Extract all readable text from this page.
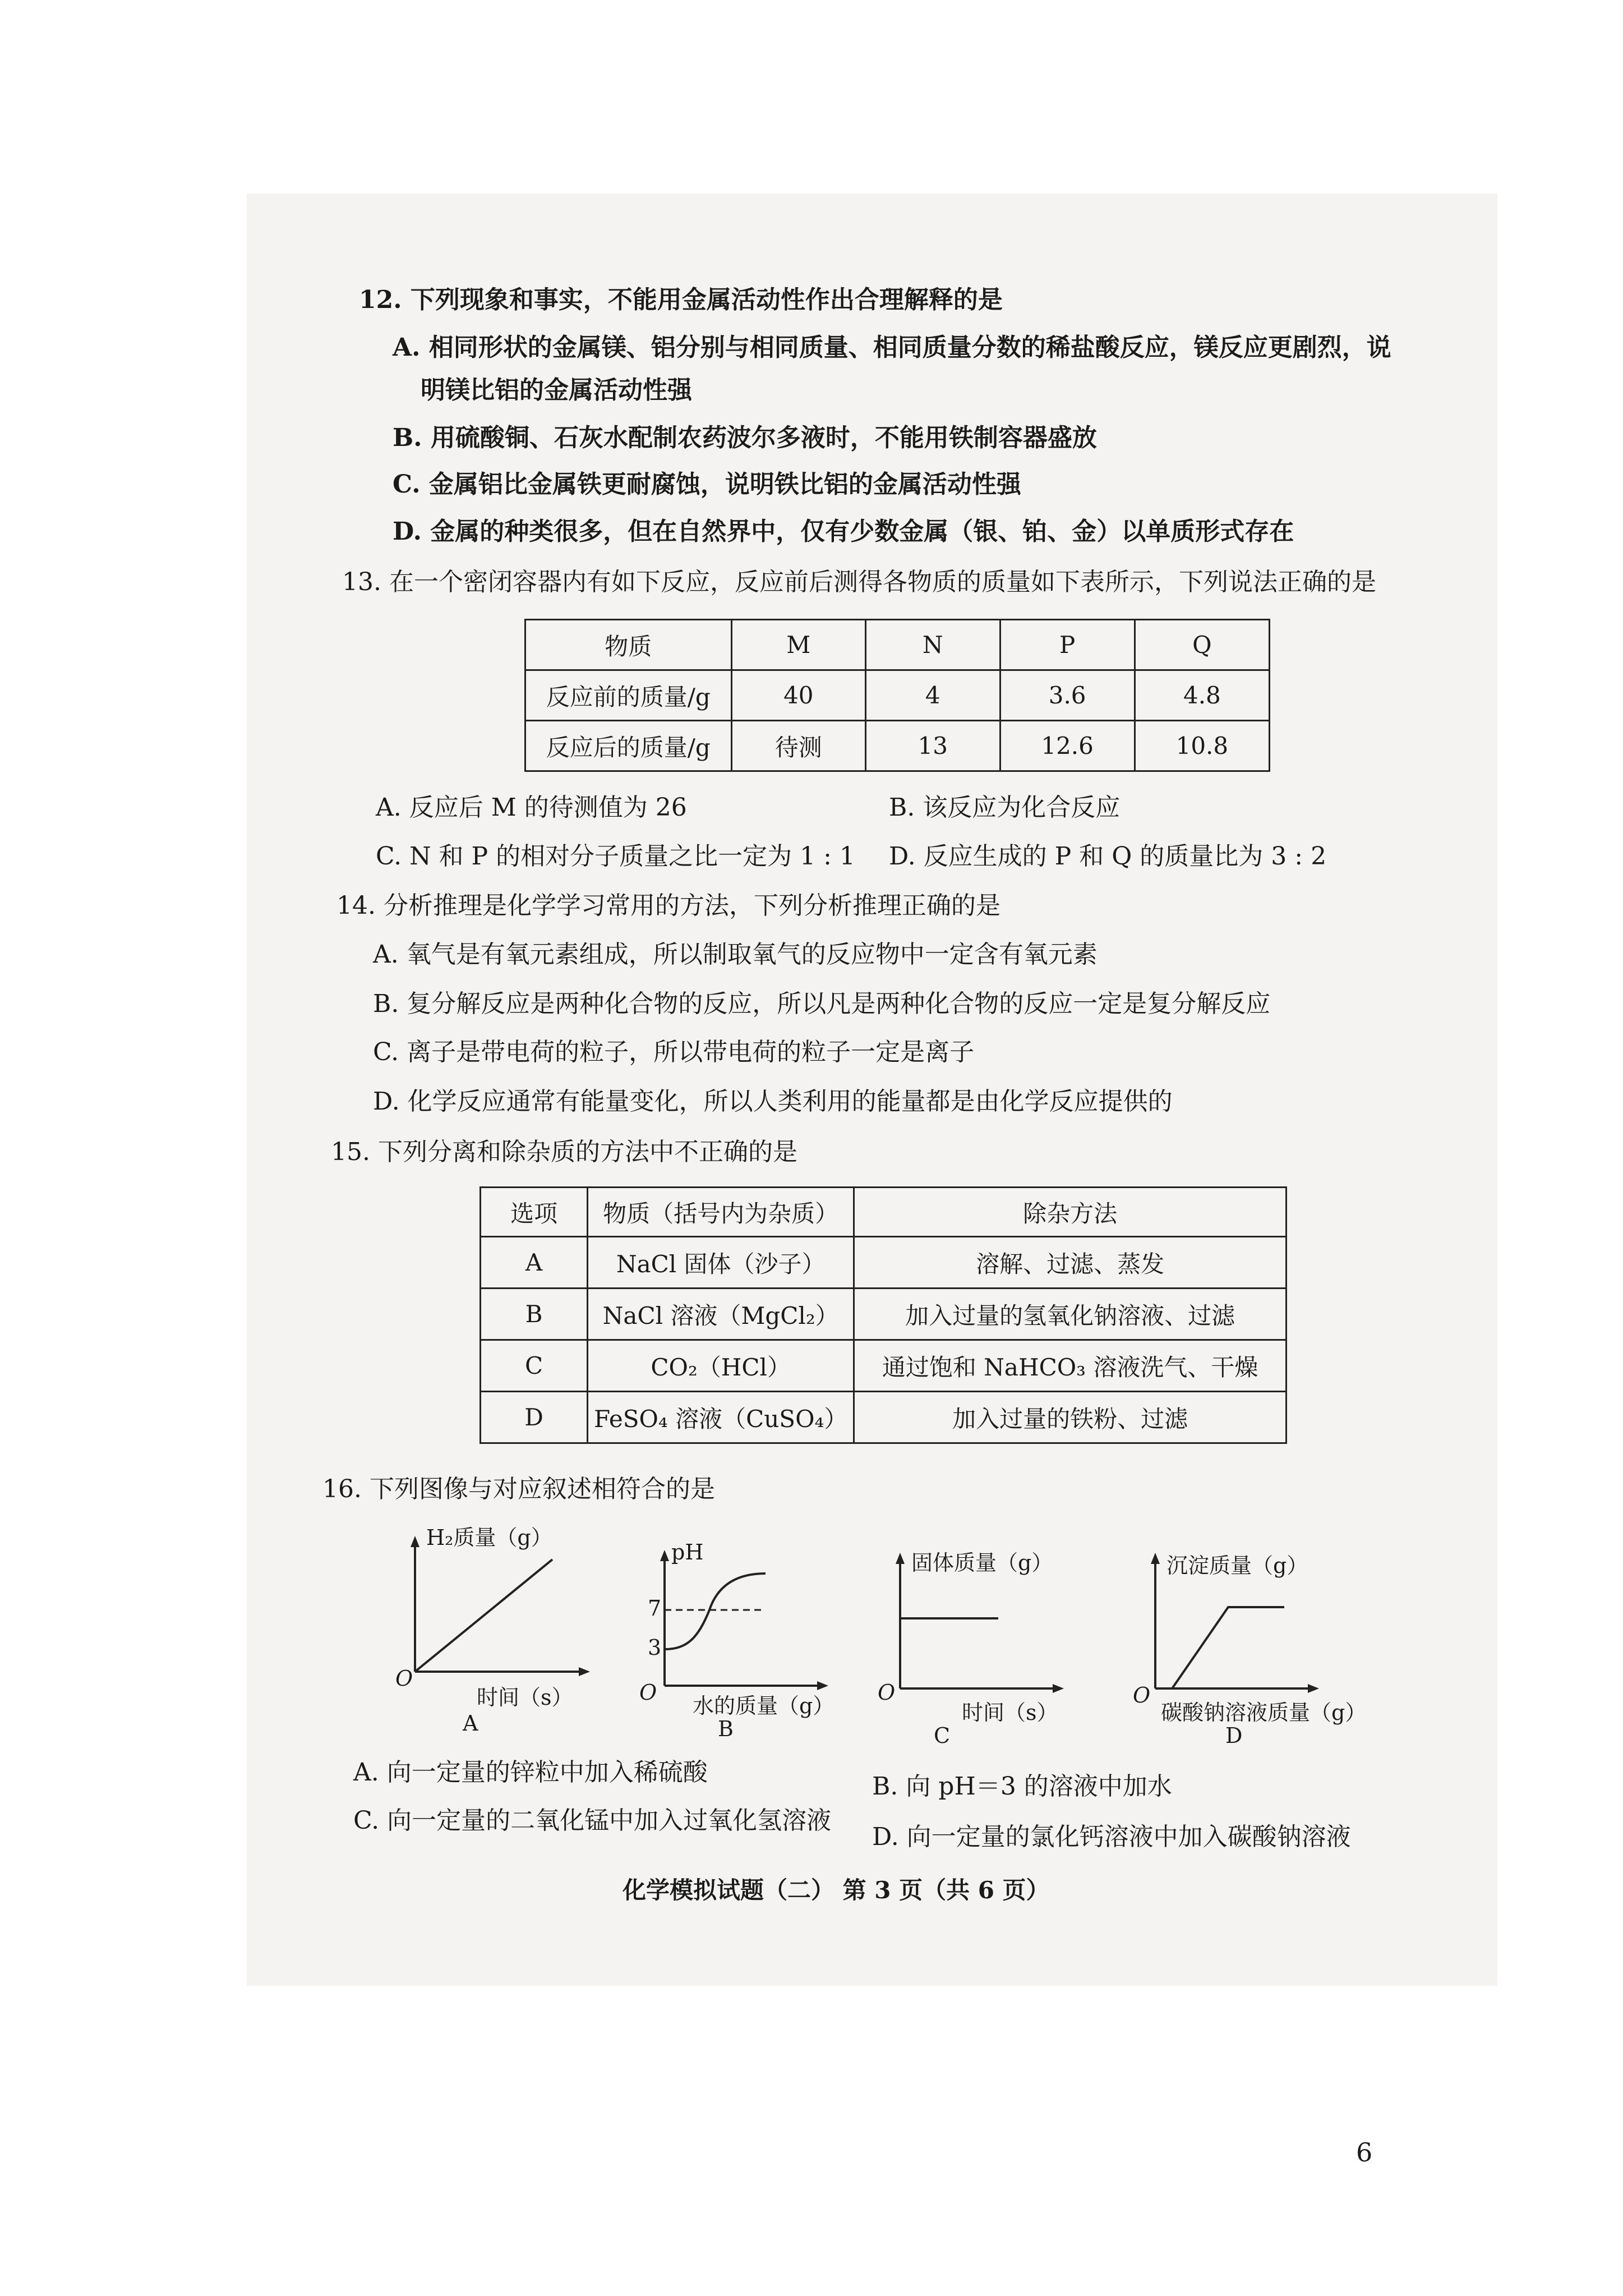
12. 下列现象和事实，不能用金属活动性作出合理解释的是
A. 相同形状的金属镁、铝分别与相同质量、相同质量分数的稀盐酸反应，镁反应更剧烈，说
明镁比铝的金属活动性强
B. 用硫酸铜、石灰水配制农药波尔多液时，不能用铁制容器盛放
C. 金属铝比金属铁更耐腐蚀，说明铁比铝的金属活动性强
D. 金属的种类很多，但在自然界中，仅有少数金属（银、铂、金）以单质形式存在
13. 在一个密闭容器内有如下反应，反应前后测得各物质的质量如下表所示，下列说法正确的是
物质	M	N	P	Q
反应前的质量/g	40	4	3.6	4.8
反应后的质量/g	待测	13	12.6	10.8
A. 反应后 M 的待测值为 26	B. 该反应为化合反应
C. N 和 P 的相对分子质量之比一定为 1 : 1 D. 反应生成的 P 和 Q 的质量比为 3 : 2
14. 分析推理是化学学习常用的方法，下列分析推理正确的是
A. 氧气是有氧元素组成，所以制取氧气的反应物中一定含有氧元素
B. 复分解反应是两种化合物的反应，所以凡是两种化合物的反应一定是复分解反应
C. 离子是带电荷的粒子，所以带电荷的粒子一定是离子
D. 化学反应通常有能量变化，所以人类利用的能量都是由化学反应提供的
15. 下列分离和除杂质的方法中不正确的是
选项	物质（括号内为杂质）	除杂方法
A	NaCl 固体（沙子）	溶解、过滤、蒸发
B	NaCl 溶液（MgCl₂）	加入过量的氢氧化钠溶液、过滤
C	CO₂（HCl）	通过饱和 NaHCO₃ 溶液洗气、干燥
D	FeSO₄ 溶液（CuSO₄）	加入过量的铁粉、过滤
16. 下列图像与对应叙述相符合的是
H₂质量（g）
O
时间（s）
A
pH
7
3
O
水的质量（g）
B
固体质量（g）
O
时间（s）
C
沉淀质量（g）
O
碳酸钠溶液质量（g）
D
A. 向一定量的锌粒中加入稀硫酸	B. 向 pH＝3 的溶液中加水
C. 向一定量的二氧化锰中加入过氧化氢溶液
D. 向一定量的氯化钙溶液中加入碳酸钠溶液
化学模拟试题（二） 第 3 页（共 6 页）
6
